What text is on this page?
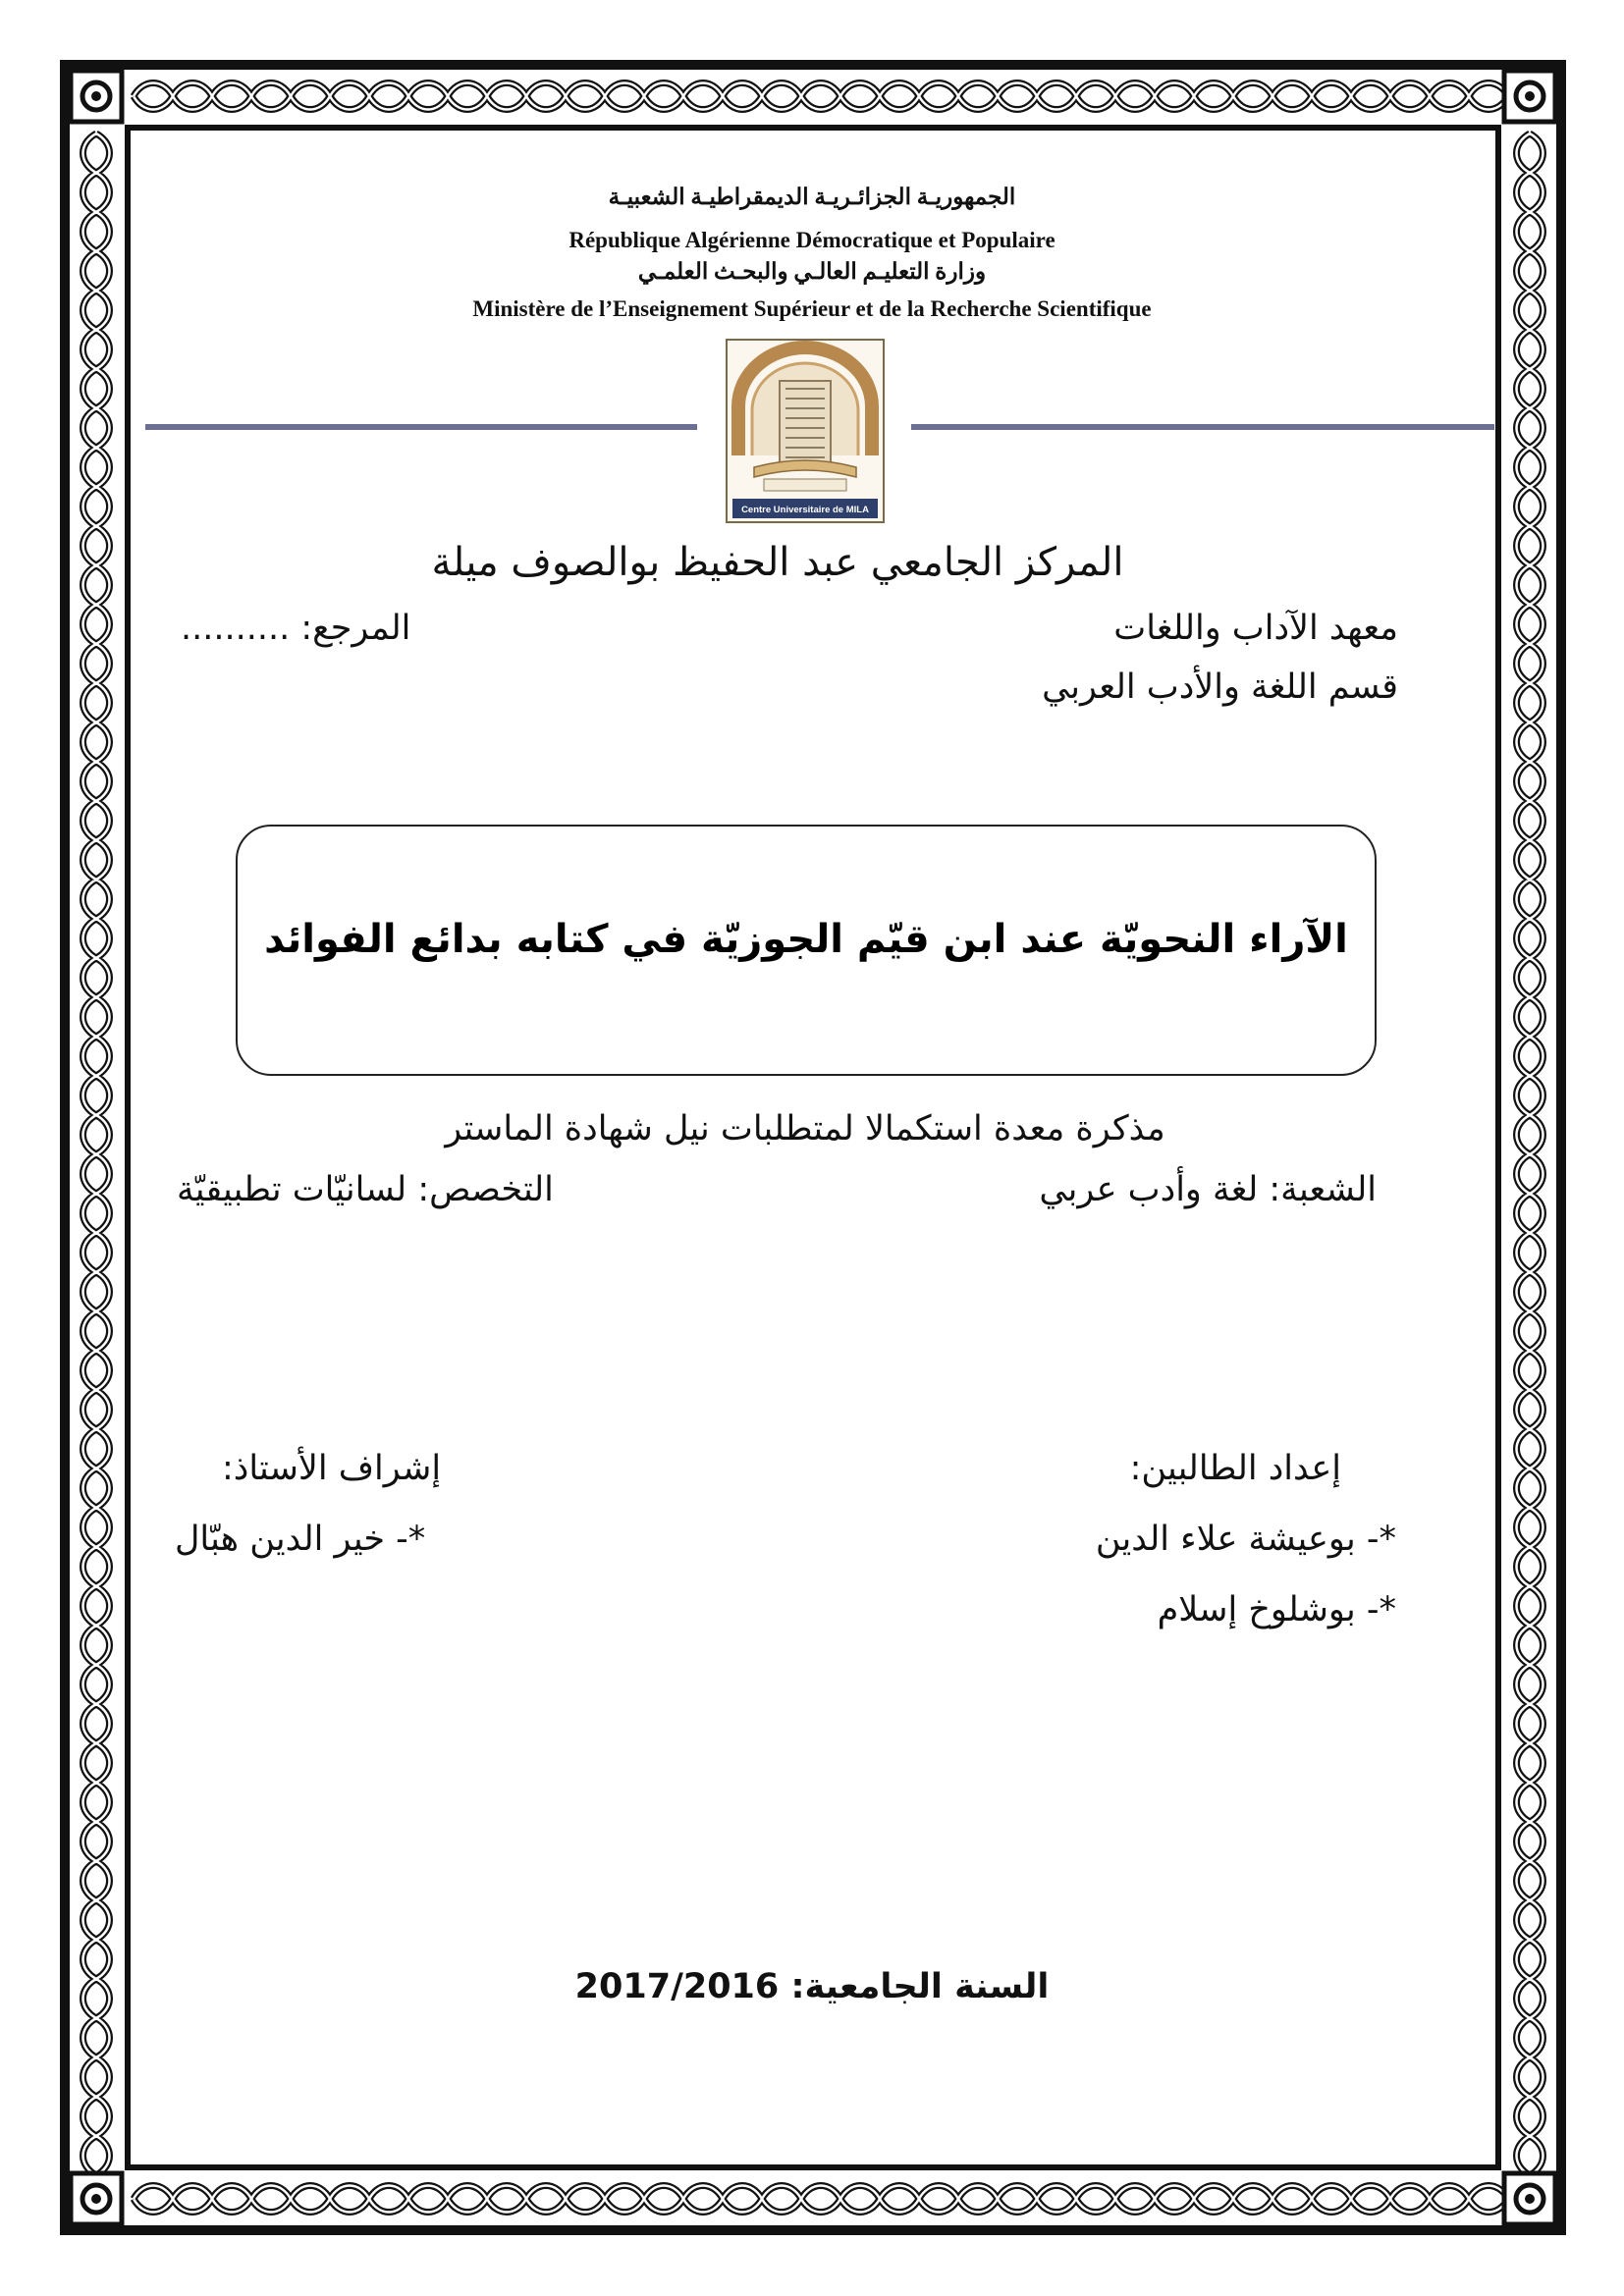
الجمهوريـة الجزائـريـة الديمقراطيـة الشعبيـة
République Algérienne Démocratique et Populaire
وزارة التعليـم العالـي والبحـث العلمـي
Ministère de l’Enseignement Supérieur et de la Recherche Scientifique
Centre Universitaire de MILA
المركز الجامعي عبد الحفيظ بوالصوف ميلة
معهد الآداب واللغات
المرجع: ..........
قسم اللغة والأدب العربي
الآراء النحويّة عند ابن قيّم الجوزيّة في كتابه بدائع الفوائد
مذكرة معدة استكمالا لمتطلبات نيل شهادة الماستر
الشعبة: لغة وأدب عربي
التخصص: لسانيّات تطبيقيّة
إعداد الطالبين:
*- بوعيشة علاء الدين
*- بوشلوخ إسلام
إشراف الأستاذ:
*- خير الدين هبّال
السنة الجامعية: 2017/2016
